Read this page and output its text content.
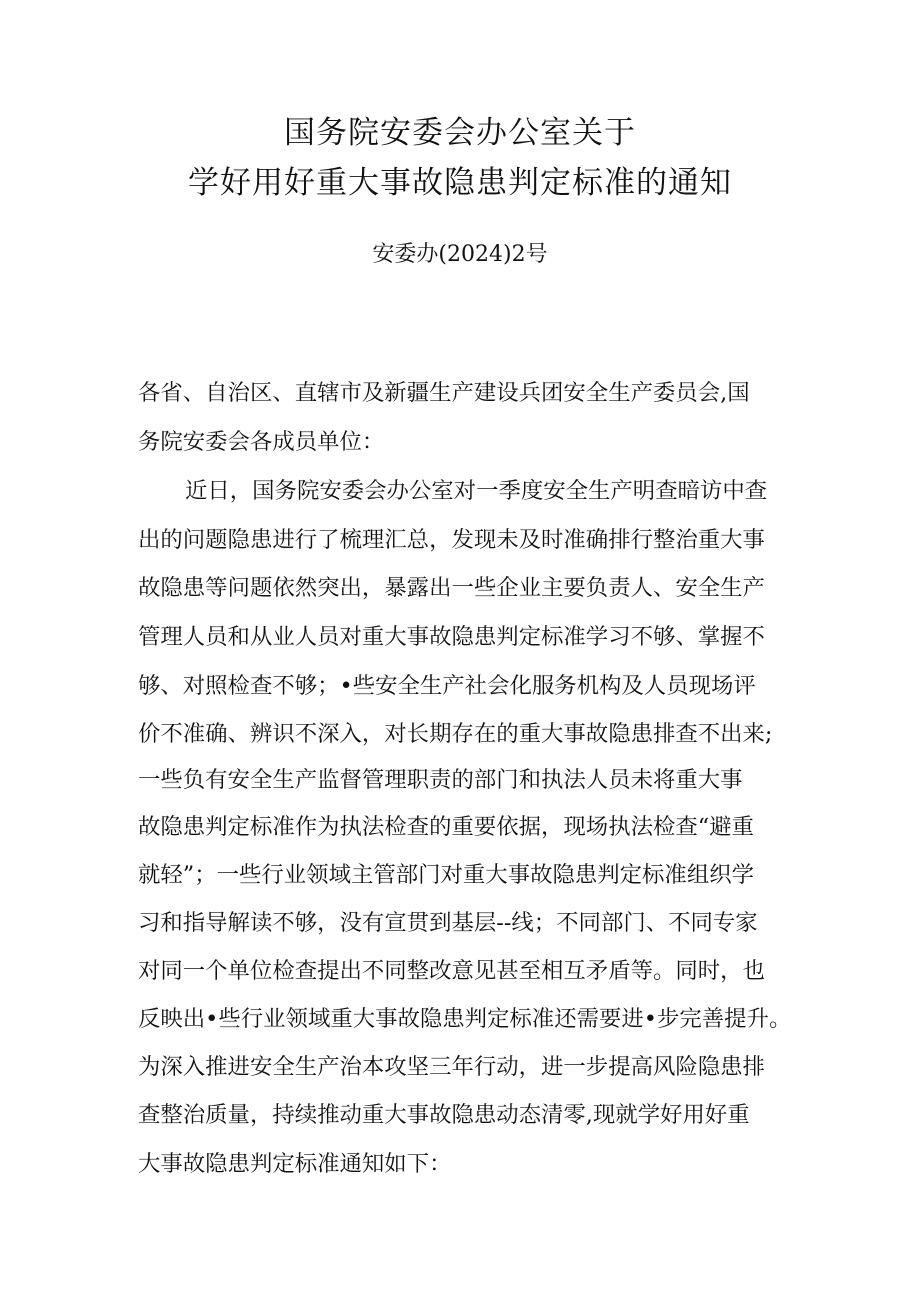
国务院安委会办公室关于
学好用好重大事故隐患判定标准的通知
安委办(2024)2号
各省、自治区、直辖市及新疆生产建设兵团安全生产委员会,国
务院安委会各成员单位：
近日，国务院安委会办公室对一季度安全生产明查暗访中查
出的问题隐患进行了梳理汇总，发现未及时准确排行整治重大事
故隐患等问题依然突出，暴露出一些企业主要负责人、安全生产
管理人员和从业人员对重大事故隐患判定标准学习不够、掌握不
够、对照检查不够；•些安全生产社会化服务机构及人员现场评
价不准确、辨识不深入，对长期存在的重大事故隐患排查不出来;
一些负有安全生产监督管理职责的部门和执法人员未将重大事
故隐患判定标准作为执法检查的重要依据，现场执法检查“避重
就轻”；一些行业领域主管部门对重大事故隐患判定标准组织学
习和指导解读不够，没有宣贯到基层--线；不同部门、不同专家
对同一个单位检查提出不同整改意见甚至相互矛盾等。同时，也
反映出•些行业领域重大事故隐患判定标准还需要进•步完善提升。
为深入推进安全生产治本攻坚三年行动，进一步提高风险隐患排
查整治质量，持续推动重大事故隐患动态清零,现就学好用好重
大事故隐患判定标准通知如下：
